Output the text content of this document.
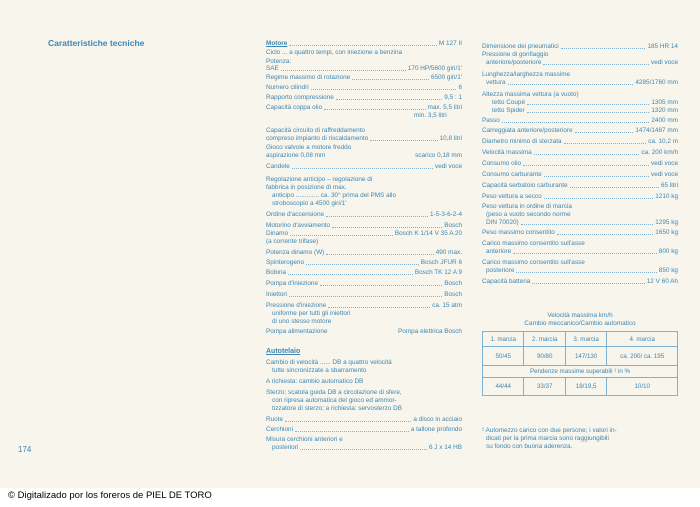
Caratteristiche tecniche	Motore	M 127 II
Ciclo ... a quattro tempi, con iniezione a benzina
Potenza:
SAE	170 HP/5600 giri/1'
Regime massimo di rotazione	6500 giri/1'
Numero cilindri	6
Rapporto compressione	9,5 : 1
Capacità coppa olio	max. 5,5 litri
min. 3,5 litri
Capacità circuito di raffreddamento
compreso impianto di riscaldamento	10,8 litri
Gioco valvole a motore freddo
aspirazione 0,08 mm	scarico 0,18 mm
Candele	vedi voce
Regolazione anticipo – regolazione di
fabbrica in posizione di max.
anticipo ............. ca. 30° prima del PMS allo
stroboscopio a 4500 giri/1'
Ordine d'accensione	1-5-3-6-2-4
Motorino d'avviamento	Bosch
Dinamo	Bosch K 1/14 V 35 A 20
(a corrente trifase)
Potenza dinamo (W)	490 max.
Spinterogeno	Bosch JFUR 6
Bobina	Bosch TK 12 A 9
Pompa d'iniezione	Bosch
Iniettori	Bosch
Pressione d'iniezione	ca. 15 atm
uniforme per tutti gli iniettori
di uno stesso motore
Pompa alimentazione	Pompa elettrica Bosch
Autotelaio
Cambio di velocità ...... DB a quattro velocità
tutte sincronizzate a sbarramento
A richiesta: cambio automatico DB
Sterzo: scatola guida DB a circolazione di sfere,
con ripresa automatica del gioco ed ammor-
tizzatore di sterzo; a richiesta: servosterzo DB
Ruote	a disco in acciaio
Cerchioni	a tallone profondo
Misura cerchioni anteriori e
posteriori	6 J x 14 HB
Dimensione dei pneumatici	185 HR 14
Pressione di gonfiaggio
anteriore/posteriore	vedi voce
Lunghezza/larghezza massime
vettura	4285/1760 mm
Altezza massima vettura (a vuoto)
tetto Coupé	1305 mm
tetto Spider	1320 mm
Passo	2400 mm
Carreggiata anteriore/posteriore	1474/1487 mm
Diametro minimo di sterzata	ca. 10,2 m
Velocità massima	ca. 200 km/h
Consumo olio	vedi voce
Consumo carburante	vedi voce
Capacità serbatoio carburante	65 litri
Peso vettura a secco	1210 kg
Peso vettura in ordine di marcia
(peso a vuoto secondo norme
DIN 70020)	1295 kg
Peso massimo consentito	1650 kg
Carico massimo consentito sull'asse
anteriore	800 kg
Carico massimo consentito sull'asse
posteriore	850 kg
Capacità batteria	12 V 60 Ah
Velocità massima km/h
Cambio meccanico/Cambio automatico
1. marcia	2. marcia	3. marcia	4. marcia
50/45	90/80	147/130	ca. 200/ ca. 195
Pendenze massime superabili ¹ in %			
44/44	33/37	18/19,5	10/10
¹ Automezzo carico con due persone; i valori in-
dicati per la prima marcia sono raggiungibili
su fondo con buona aderenza.
174
© Digitalizado por los foreros de PIEL DE TORO
